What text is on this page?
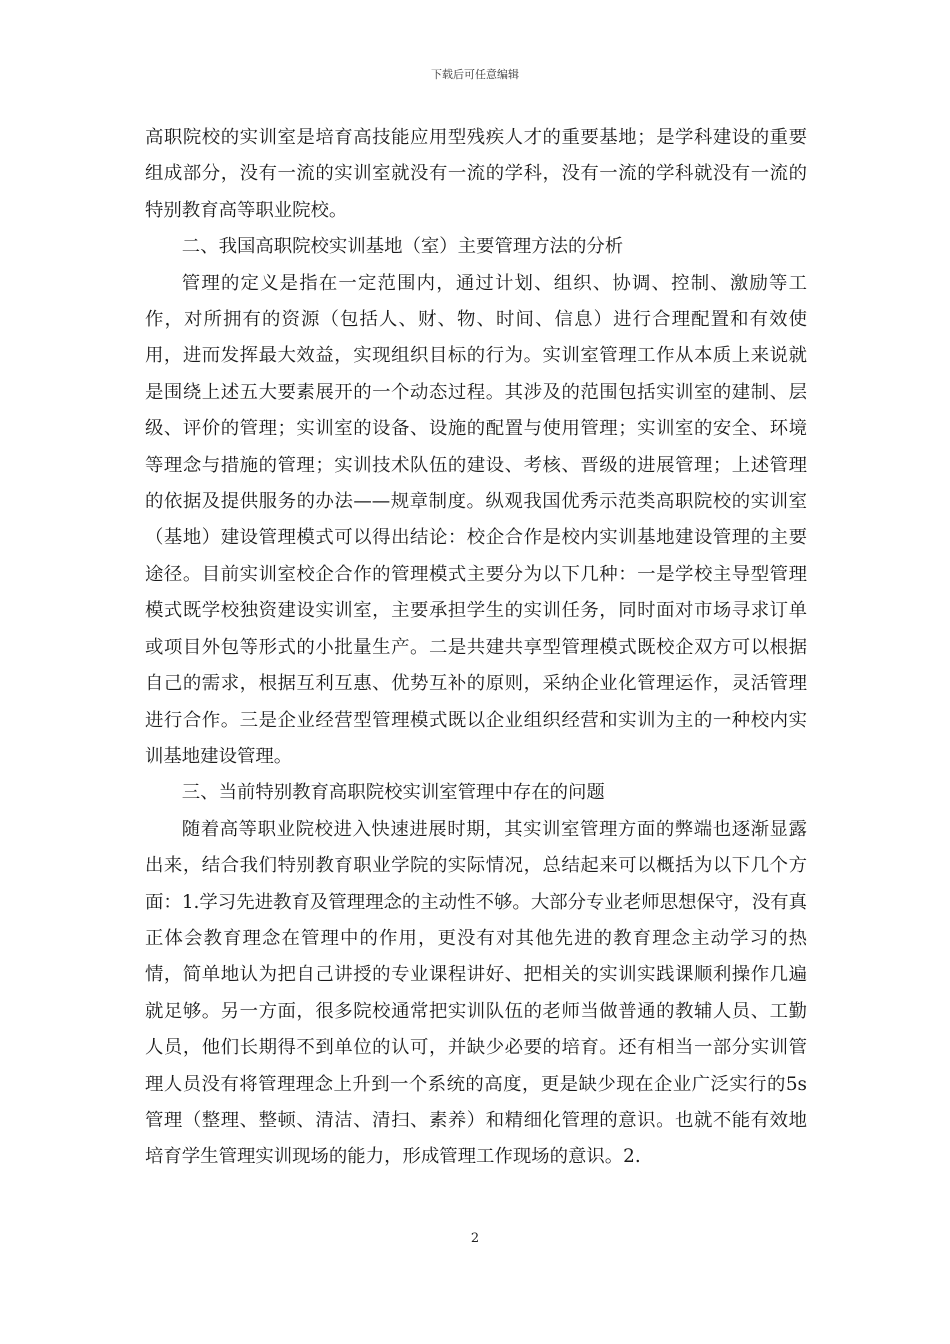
下载后可任意编辑

高职院校的实训室是培育高技能应用型残疾人才的重要基地；是学科建设的重要组成部分，没有一流的实训室就没有一流的学科，没有一流的学科就没有一流的特别教育高等职业院校。

二、我国高职院校实训基地（室）主要管理方法的分析

管理的定义是指在一定范围内，通过计划、组织、协调、控制、激励等工作，对所拥有的资源（包括人、财、物、时间、信息）进行合理配置和有效使用，进而发挥最大效益，实现组织目标的行为。实训室管理工作从本质上来说就是围绕上述五大要素展开的一个动态过程。其涉及的范围包括实训室的建制、层级、评价的管理；实训室的设备、设施的配置与使用管理；实训室的安全、环境等理念与措施的管理；实训技术队伍的建设、考核、晋级的进展管理；上述管理的依据及提供服务的办法——规章制度。纵观我国优秀示范类高职院校的实训室（基地）建设管理模式可以得出结论：校企合作是校内实训基地建设管理的主要途径。目前实训室校企合作的管理模式主要分为以下几种：一是学校主导型管理模式既学校独资建设实训室，主要承担学生的实训任务，同时面对市场寻求订单或项目外包等形式的小批量生产。二是共建共享型管理模式既校企双方可以根据自己的需求，根据互利互惠、优势互补的原则，采纳企业化管理运作，灵活管理进行合作。三是企业经营型管理模式既以企业组织经营和实训为主的一种校内实训基地建设管理。

三、当前特别教育高职院校实训室管理中存在的问题

随着高等职业院校进入快速进展时期，其实训室管理方面的弊端也逐渐显露出来，结合我们特别教育职业学院的实际情况，总结起来可以概括为以下几个方面：1.学习先进教育及管理理念的主动性不够。大部分专业老师思想保守，没有真正体会教育理念在管理中的作用，更没有对其他先进的教育理念主动学习的热情，简单地认为把自己讲授的专业课程讲好、把相关的实训实践课顺利操作几遍就足够。另一方面，很多院校通常把实训队伍的老师当做普通的教辅人员、工勤人员，他们长期得不到单位的认可，并缺少必要的培育。还有相当一部分实训管理人员没有将管理理念上升到一个系统的高度，更是缺少现在企业广泛实行的5s管理（整理、整顿、清洁、清扫、素养）和精细化管理的意识。也就不能有效地培育学生管理实训现场的能力，形成管理工作现场的意识。2.

2
